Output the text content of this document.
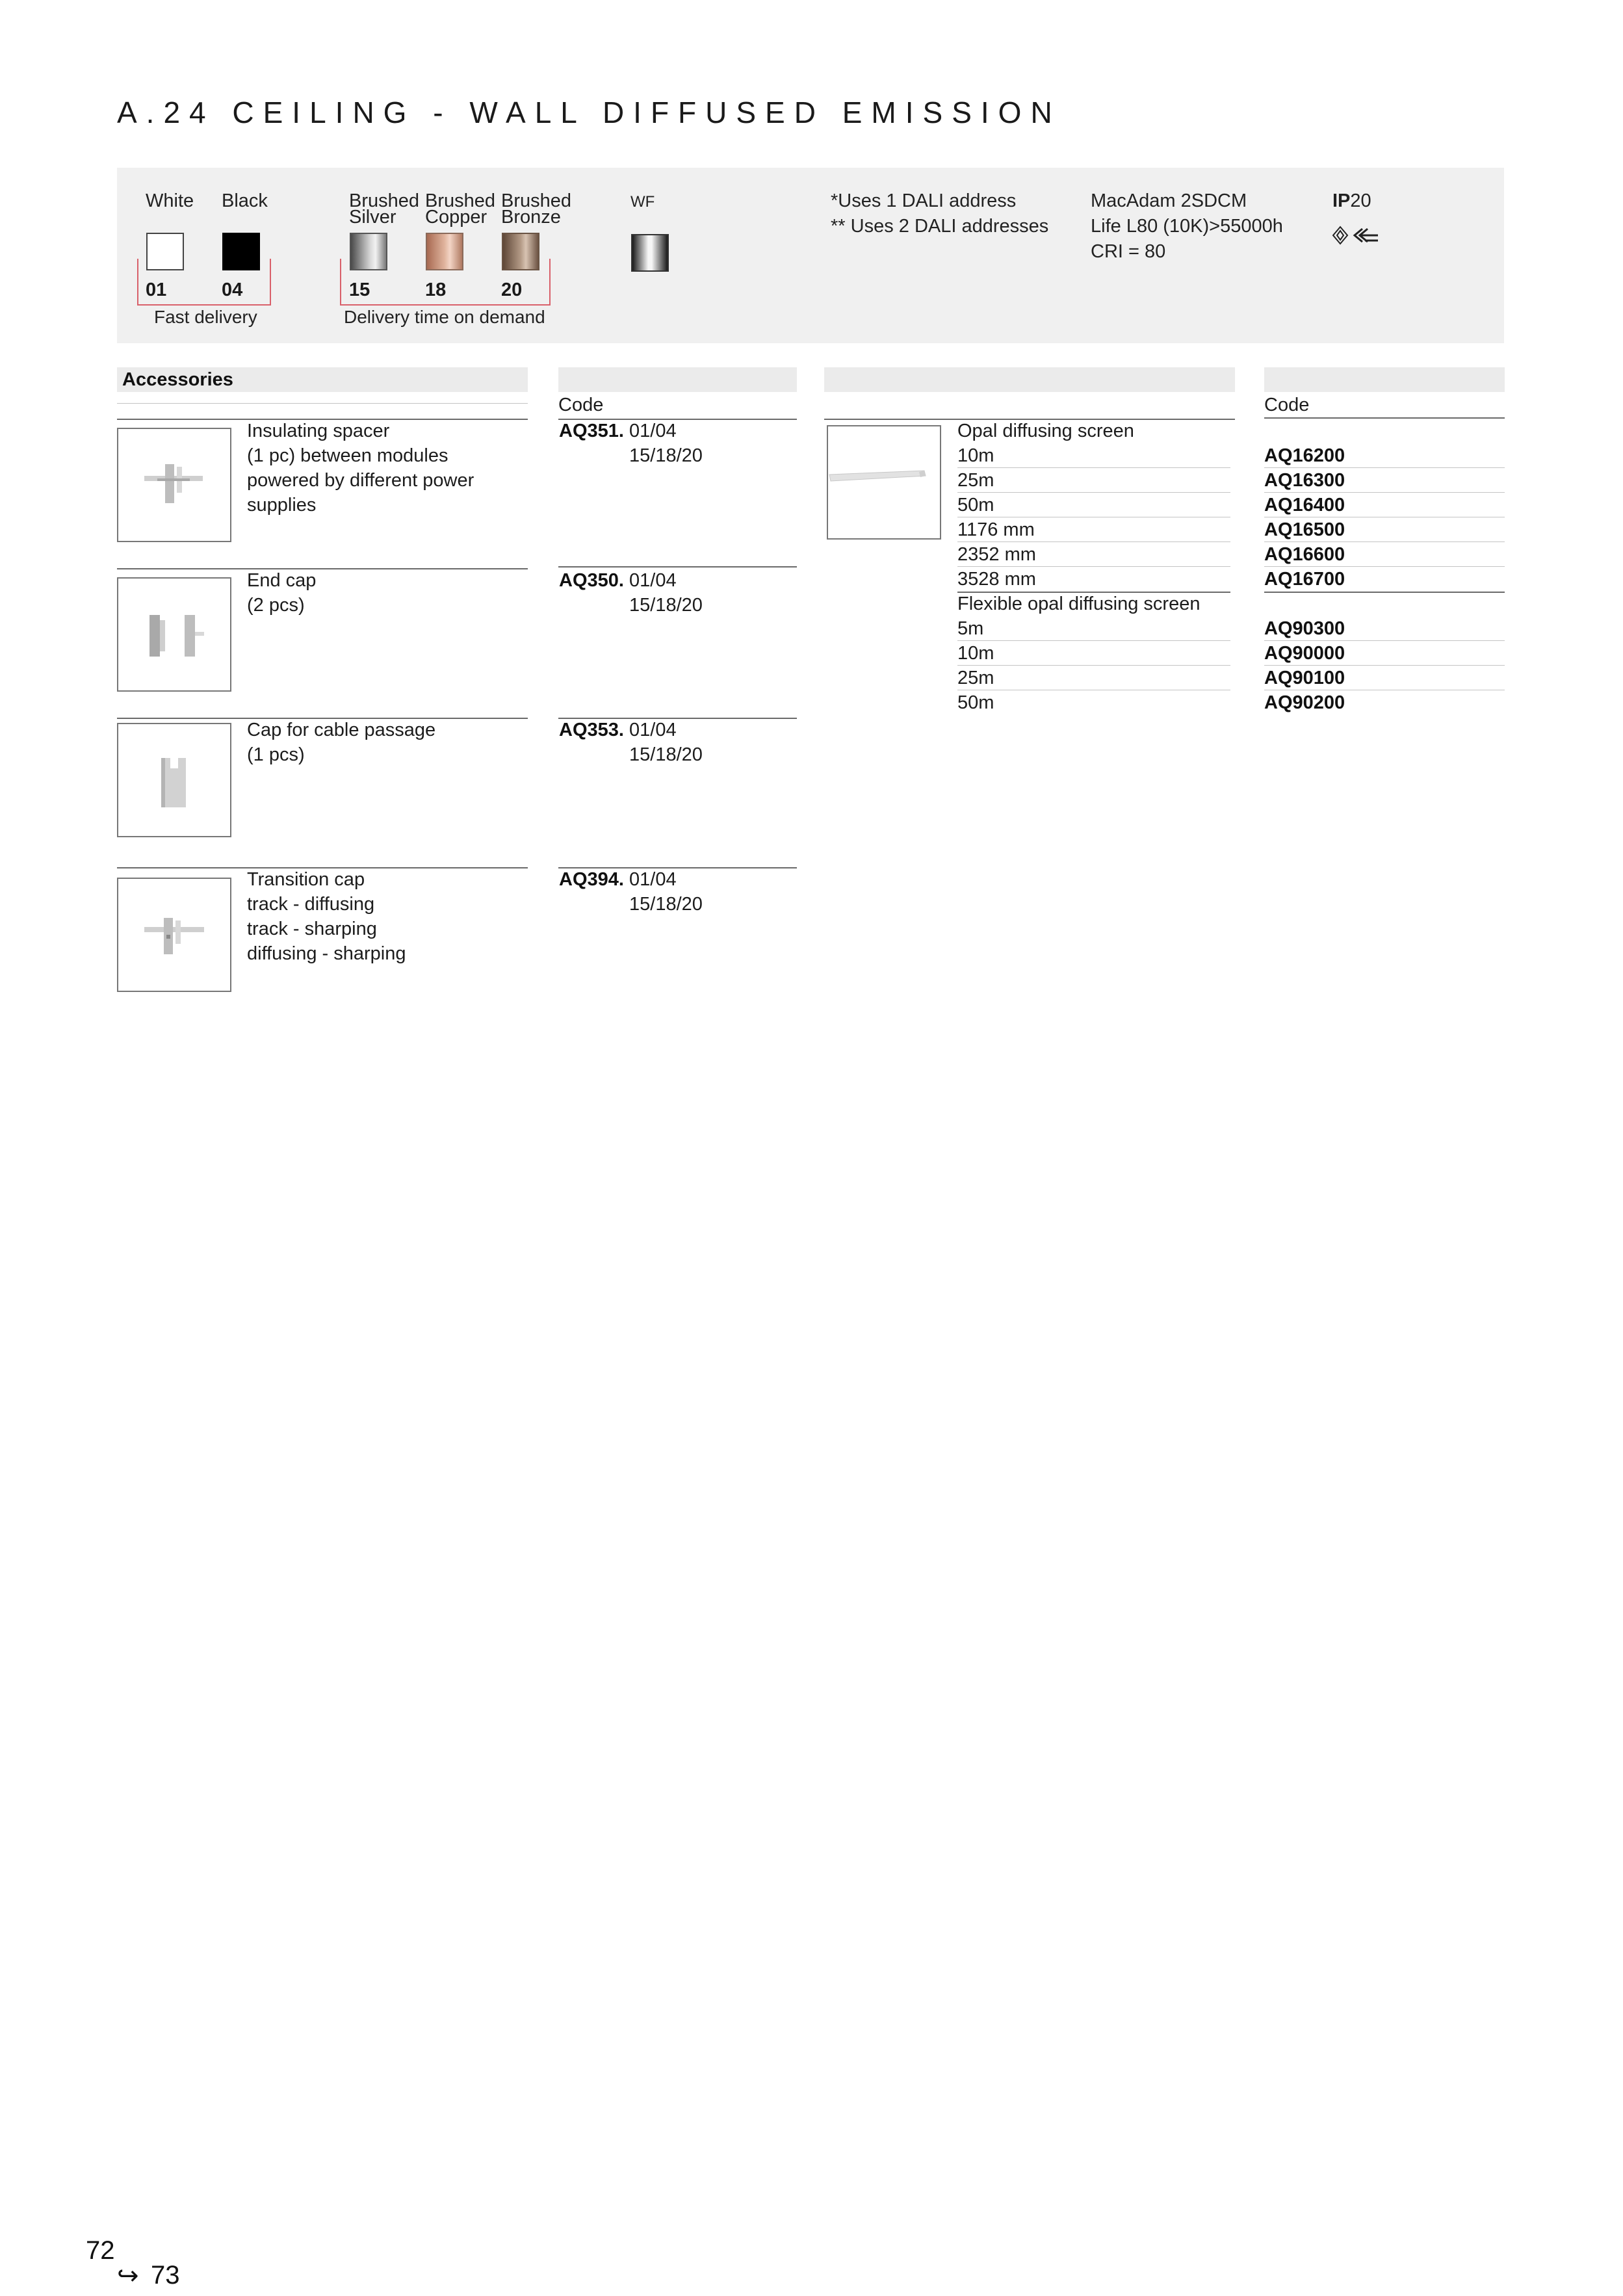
A.24 CEILING - WALL DIFFUSED EMISSION
White Black	Brushed
Silver
Brushed
Copper
Brushed
Bronze
WF
01	04	15	18	20
Fast delivery	Delivery time on demand
*Uses 1 DALI address
** Uses 2 DALI addresses
MacAdam 2SDCM
Life L80 (10K)>55000h
CRI = 80
IP20
Accessories
Code
Insulating spacer
(1 pc) between modules
powered by different power
supplies
AQ351. 01/04
15/18/20
End cap
(2 pcs)
AQ350. 01/04
15/18/20
Cap for cable passage
(1 pcs)
AQ353. 01/04
15/18/20
Transition cap
track - diffusing
track - sharping
diffusing - sharping
AQ394. 01/04
15/18/20
Code
Opal diffusing screen
10m	AQ16200
25m	AQ16300
50m	AQ16400
1176 mm	AQ16500
2352 mm	AQ16600
3528 mm	AQ16700
Flexible opal diffusing screen
5m	AQ90300
10m	AQ90000
25m	AQ90100
50m	AQ90200
72
↪ 73
